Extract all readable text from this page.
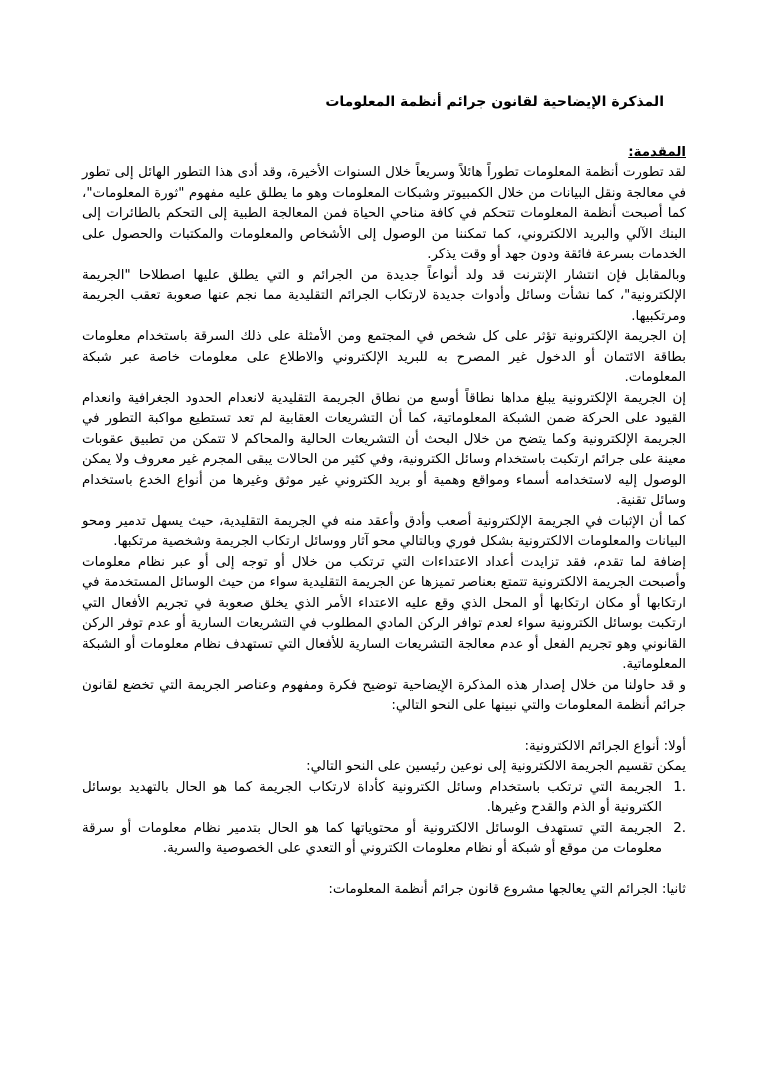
المذكرة الإيضاحية لقانون جرائم أنظمة المعلومات

المقدمة:

لقد تطورت أنظمة المعلومات تطوراً هائلاً وسريعاً خلال السنوات الأخيرة، وقد أدى هذا التطور الهائل إلى تطور في معالجة ونقل البيانات من خلال الكمبيوتر وشبكات المعلومات وهو ما يطلق عليه مفهوم "ثورة المعلومات"، كما أصبحت أنظمة المعلومات تتحكم في كافة مناحي الحياة فمن المعالجة الطبية إلى التحكم بالطائرات إلى البنك الآلي والبريد الالكتروني، كما تمكننا من الوصول إلى الأشخاص والمعلومات والمكتبات والحصول على الخدمات بسرعة فائقة ودون جهد أو وقت يذكر.

وبالمقابل فإن انتشار الإنترنت قد ولد أنواعاً جديدة من الجرائم و التي يطلق عليها اصطلاحا "الجريمة الإلكترونية"، كما نشأت وسائل وأدوات جديدة لارتكاب الجرائم التقليدية مما نجم عنها صعوبة تعقب الجريمة ومرتكبيها.

إن الجريمة الإلكترونية تؤثر على كل شخص في المجتمع ومن الأمثلة على ذلك السرقة باستخدام معلومات بطاقة الائتمان أو الدخول غير المصرح به للبريد الإلكتروني والاطلاع على معلومات خاصة عبر شبكة المعلومات.

إن الجريمة الإلكترونية يبلغ مداها نطاقاً أوسع من نطاق الجريمة التقليدية لانعدام الحدود الجغرافية وانعدام القيود على الحركة ضمن الشبكة المعلوماتية، كما أن التشريعات العقابية لم تعد تستطيع مواكبة التطور في الجريمة الإلكترونية وكما يتضح من خلال البحث أن التشريعات الحالية والمحاكم لا تتمكن من تطبيق عقوبات معينة على جرائم ارتكبت باستخدام وسائل الكترونية، وفي كثير من الحالات يبقى المجرم غير معروف ولا يمكن الوصول إليه لاستخدامه أسماء ومواقع وهمية أو بريد الكتروني غير موثق وغيرها من أنواع الخدع باستخدام وسائل تقنية.

كما أن الإثبات في الجريمة الإلكترونية أصعب وأدق وأعقد منه في الجريمة التقليدية، حيث يسهل تدمير ومحو البيانات والمعلومات الالكترونية بشكل فوري وبالتالي محو آثار ووسائل ارتكاب الجريمة وشخصية مرتكبها.

إضافة لما تقدم، فقد تزايدت أعداد الاعتداءات التي ترتكب من خلال أو توجه إلى أو عبر نظام معلومات وأصبحت الجريمة الالكترونية تتمتع بعناصر تميزها عن الجريمة التقليدية سواء من حيث الوسائل المستخدمة في ارتكابها أو مكان ارتكابها أو المحل الذي وقع عليه الاعتداء الأمر الذي يخلق صعوبة في تجريم الأفعال التي ارتكبت بوسائل الكترونية سواء لعدم توافر الركن المادي المطلوب في التشريعات السارية أو عدم توفر الركن القانوني وهو تجريم الفعل أو عدم معالجة التشريعات السارية للأفعال التي تستهدف نظام معلومات أو الشبكة المعلوماتية.

و قد حاولنا من خلال إصدار هذه المذكرة الإيضاحية توضيح فكرة ومفهوم وعناصر الجريمة التي تخضع لقانون جرائم أنظمة المعلومات والتي نبينها على النحو التالي:

أولا: أنواع الجرائم الالكترونية:

يمكن تقسيم الجريمة الالكترونية إلى نوعين رئيسين على النحو التالي:

1.
الجريمة التي ترتكب باستخدام وسائل الكترونية كأداة لارتكاب الجريمة كما هو الحال بالتهديد بوسائل الكترونية أو الذم والقدح وغيرها.
2.
الجريمة التي تستهدف الوسائل الالكترونية أو محتوياتها كما هو الحال بتدمير نظام معلومات أو سرقة معلومات من موقع أو شبكة أو نظام معلومات الكتروني أو التعدي على الخصوصية والسرية.

ثانيا: الجرائم التي يعالجها مشروع قانون جرائم أنظمة المعلومات:
